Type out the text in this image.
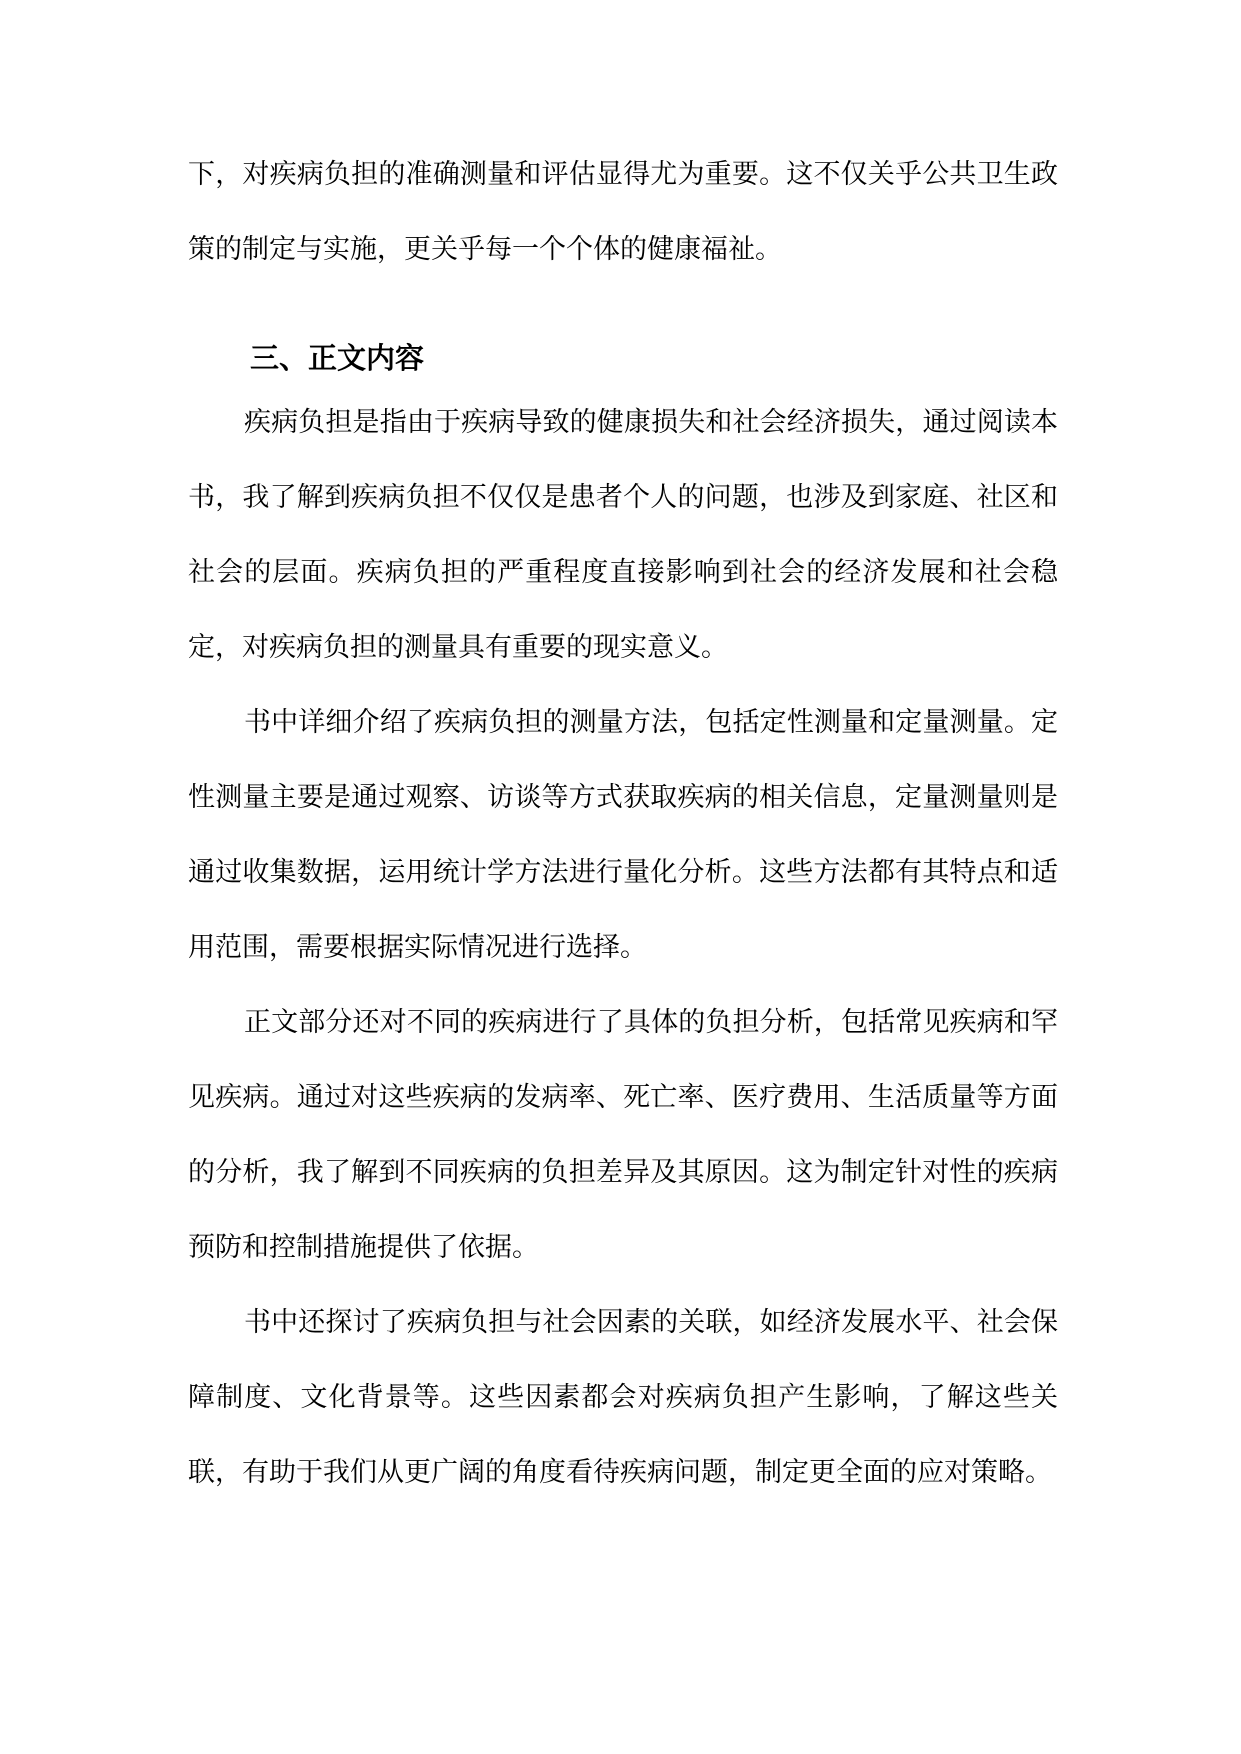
下，对疾病负担的准确测量和评估显得尤为重要。这不仅关乎公共卫生政策的制定与实施，更关乎每一个个体的健康福祉。

三、正文内容

疾病负担是指由于疾病导致的健康损失和社会经济损失，通过阅读本书，我了解到疾病负担不仅仅是患者个人的问题，也涉及到家庭、社区和社会的层面。疾病负担的严重程度直接影响到社会的经济发展和社会稳定，对疾病负担的测量具有重要的现实意义。

书中详细介绍了疾病负担的测量方法，包括定性测量和定量测量。定性测量主要是通过观察、访谈等方式获取疾病的相关信息，定量测量则是通过收集数据，运用统计学方法进行量化分析。这些方法都有其特点和适用范围，需要根据实际情况进行选择。

正文部分还对不同的疾病进行了具体的负担分析，包括常见疾病和罕见疾病。通过对这些疾病的发病率、死亡率、医疗费用、生活质量等方面的分析，我了解到不同疾病的负担差异及其原因。这为制定针对性的疾病预防和控制措施提供了依据。

书中还探讨了疾病负担与社会因素的关联，如经济发展水平、社会保障制度、文化背景等。这些因素都会对疾病负担产生影响，了解这些关联，有助于我们从更广阔的角度看待疾病问题，制定更全面的应对策略。
